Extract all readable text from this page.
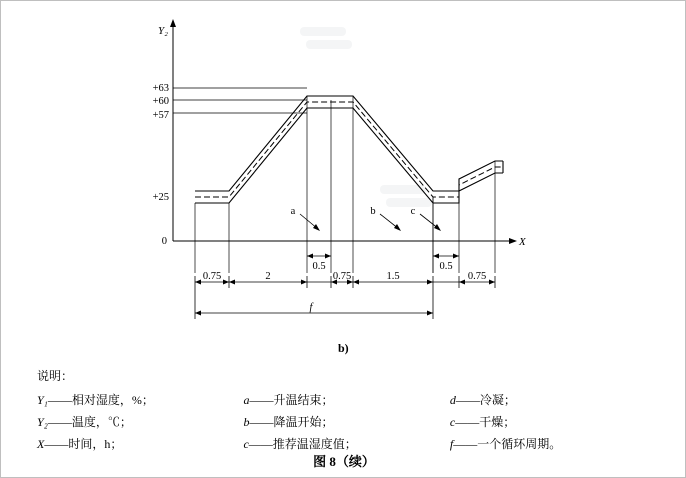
Y₂
X
+63
+60
+57
+25
0
a	b	c
0.5	0.5
0.75	2	0.75	1.5	0.75
f
b)
说明：
Y₁——相对湿度，%；	a——升温结束；	d——冷凝；
Y₂——温度，℃；	b——降温开始；	c——干燥；
X——时间，h；	c——推荐温湿度值；	f——一个循环周期。
图 8（续）
